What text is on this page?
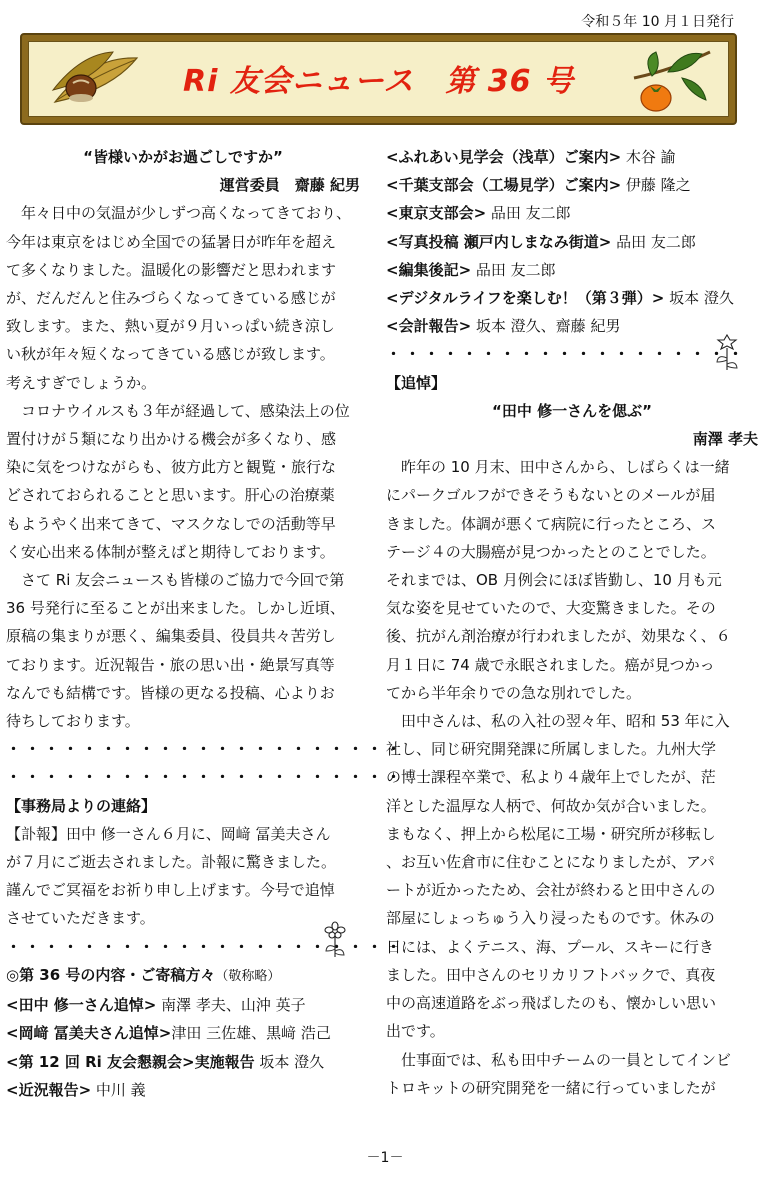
令和５年 10 月１日発行
Ri 友会ニュース　第 36 号

“皆様いかがお過ごしですか”

運営委員　齋藤 紀男

年々日中の気温が少しずつ高くなってきており、

今年は東京をはじめ全国での猛暑日が昨年を超え

て多くなりました。温暖化の影響だと思われます

が、だんだんと住みづらくなってきている感じが

致します。また、熱い夏が９月いっぱい続き涼し

い秋が年々短くなってきている感じが致します。

考えすぎでしょうか。

コロナウイルスも３年が経過して、感染法上の位

置付けが５類になり出かける機会が多くなり、感

染に気をつけながらも、彼方此方と観覧・旅行な

どされておられることと思います。肝心の治療薬

もようやく出来てきて、マスクなしでの活動等早

く安心出来る体制が整えばと期待しております。

さて Ri 友会ニュースも皆様のご協力で今回で第

36 号発行に至ることが出来ました。しかし近頃、

原稿の集まりが悪く、編集委員、役員共々苦労し

ております。近況報告・旅の思い出・絶景写真等

なんでも結構です。皆様の更なる投稿、心よりお

待ちしております。

・・・・・・・・・・・・・・・・・・・・・

・・・・・・・・・・・・・・・・・・・・・

【事務局よりの連絡】

【訃報】田中 修一さん６月に、岡﨑 冨美夫さん

が７月にご逝去されました。訃報に驚きました。

謹んでご冥福をお祈り申し上げます。今号で追悼

させていただきます。

・・・・・・・・・・・・・・・・・・・・・

◎第 36 号の内容・ご寄稿方々（敬称略）

<田中 修一さん追悼> 南澤 孝夫、山沖 英子

<岡﨑 冨美夫さん追悼>津田 三佐雄、黒﨑 浩己

<第 12 回 Ri 友会懇親会>実施報告 坂本 澄久

<近況報告> 中川 義

<ふれあい見学会（浅草）ご案内> 木谷 諭

<千葉支部会（工場見学）ご案内> 伊藤 隆之

<東京支部会> 品田 友二郎

<写真投稿 瀬戸内しまなみ街道> 品田 友二郎

<編集後記> 品田 友二郎

<デジタルライフを楽しむ！（第３弾）> 坂本 澄久

<会計報告> 坂本 澄久、齋藤 紀男

・・・・・・・・・・・・・・・・・・・

【追悼】

“田中 修一さんを偲ぶ”

南澤 孝夫

昨年の 10 月末、田中さんから、しばらくは一緒

にパークゴルフができそうもないとのメールが届

きました。体調が悪くて病院に行ったところ、ス

テージ４の大腸癌が見つかったとのことでした。

それまでは、OB 月例会にほぼ皆勤し、10 月も元

気な姿を見せていたので、大変驚きました。その

後、抗がん剤治療が行われましたが、効果なく、６

月１日に 74 歳で永眠されました。癌が見つかっ

てから半年余りでの急な別れでした。

田中さんは、私の入社の翌々年、昭和 53 年に入

社し、同じ研究開発課に所属しました。九州大学

の博士課程卒業で、私より４歳年上でしたが、茫

洋とした温厚な人柄で、何故か気が合いました。

まもなく、押上から松尾に工場・研究所が移転し

、お互い佐倉市に住むことになりましたが、アパ

ートが近かったため、会社が終わると田中さんの

部屋にしょっちゅう入り浸ったものです。休みの

日には、よくテニス、海、プール、スキーに行き

ました。田中さんのセリカリフトバックで、真夜

中の高速道路をぶっ飛ばしたのも、懐かしい思い

出です。

仕事面では、私も田中チームの一員としてインビ

トロキットの研究開発を一緒に行っていましたが

－1－
